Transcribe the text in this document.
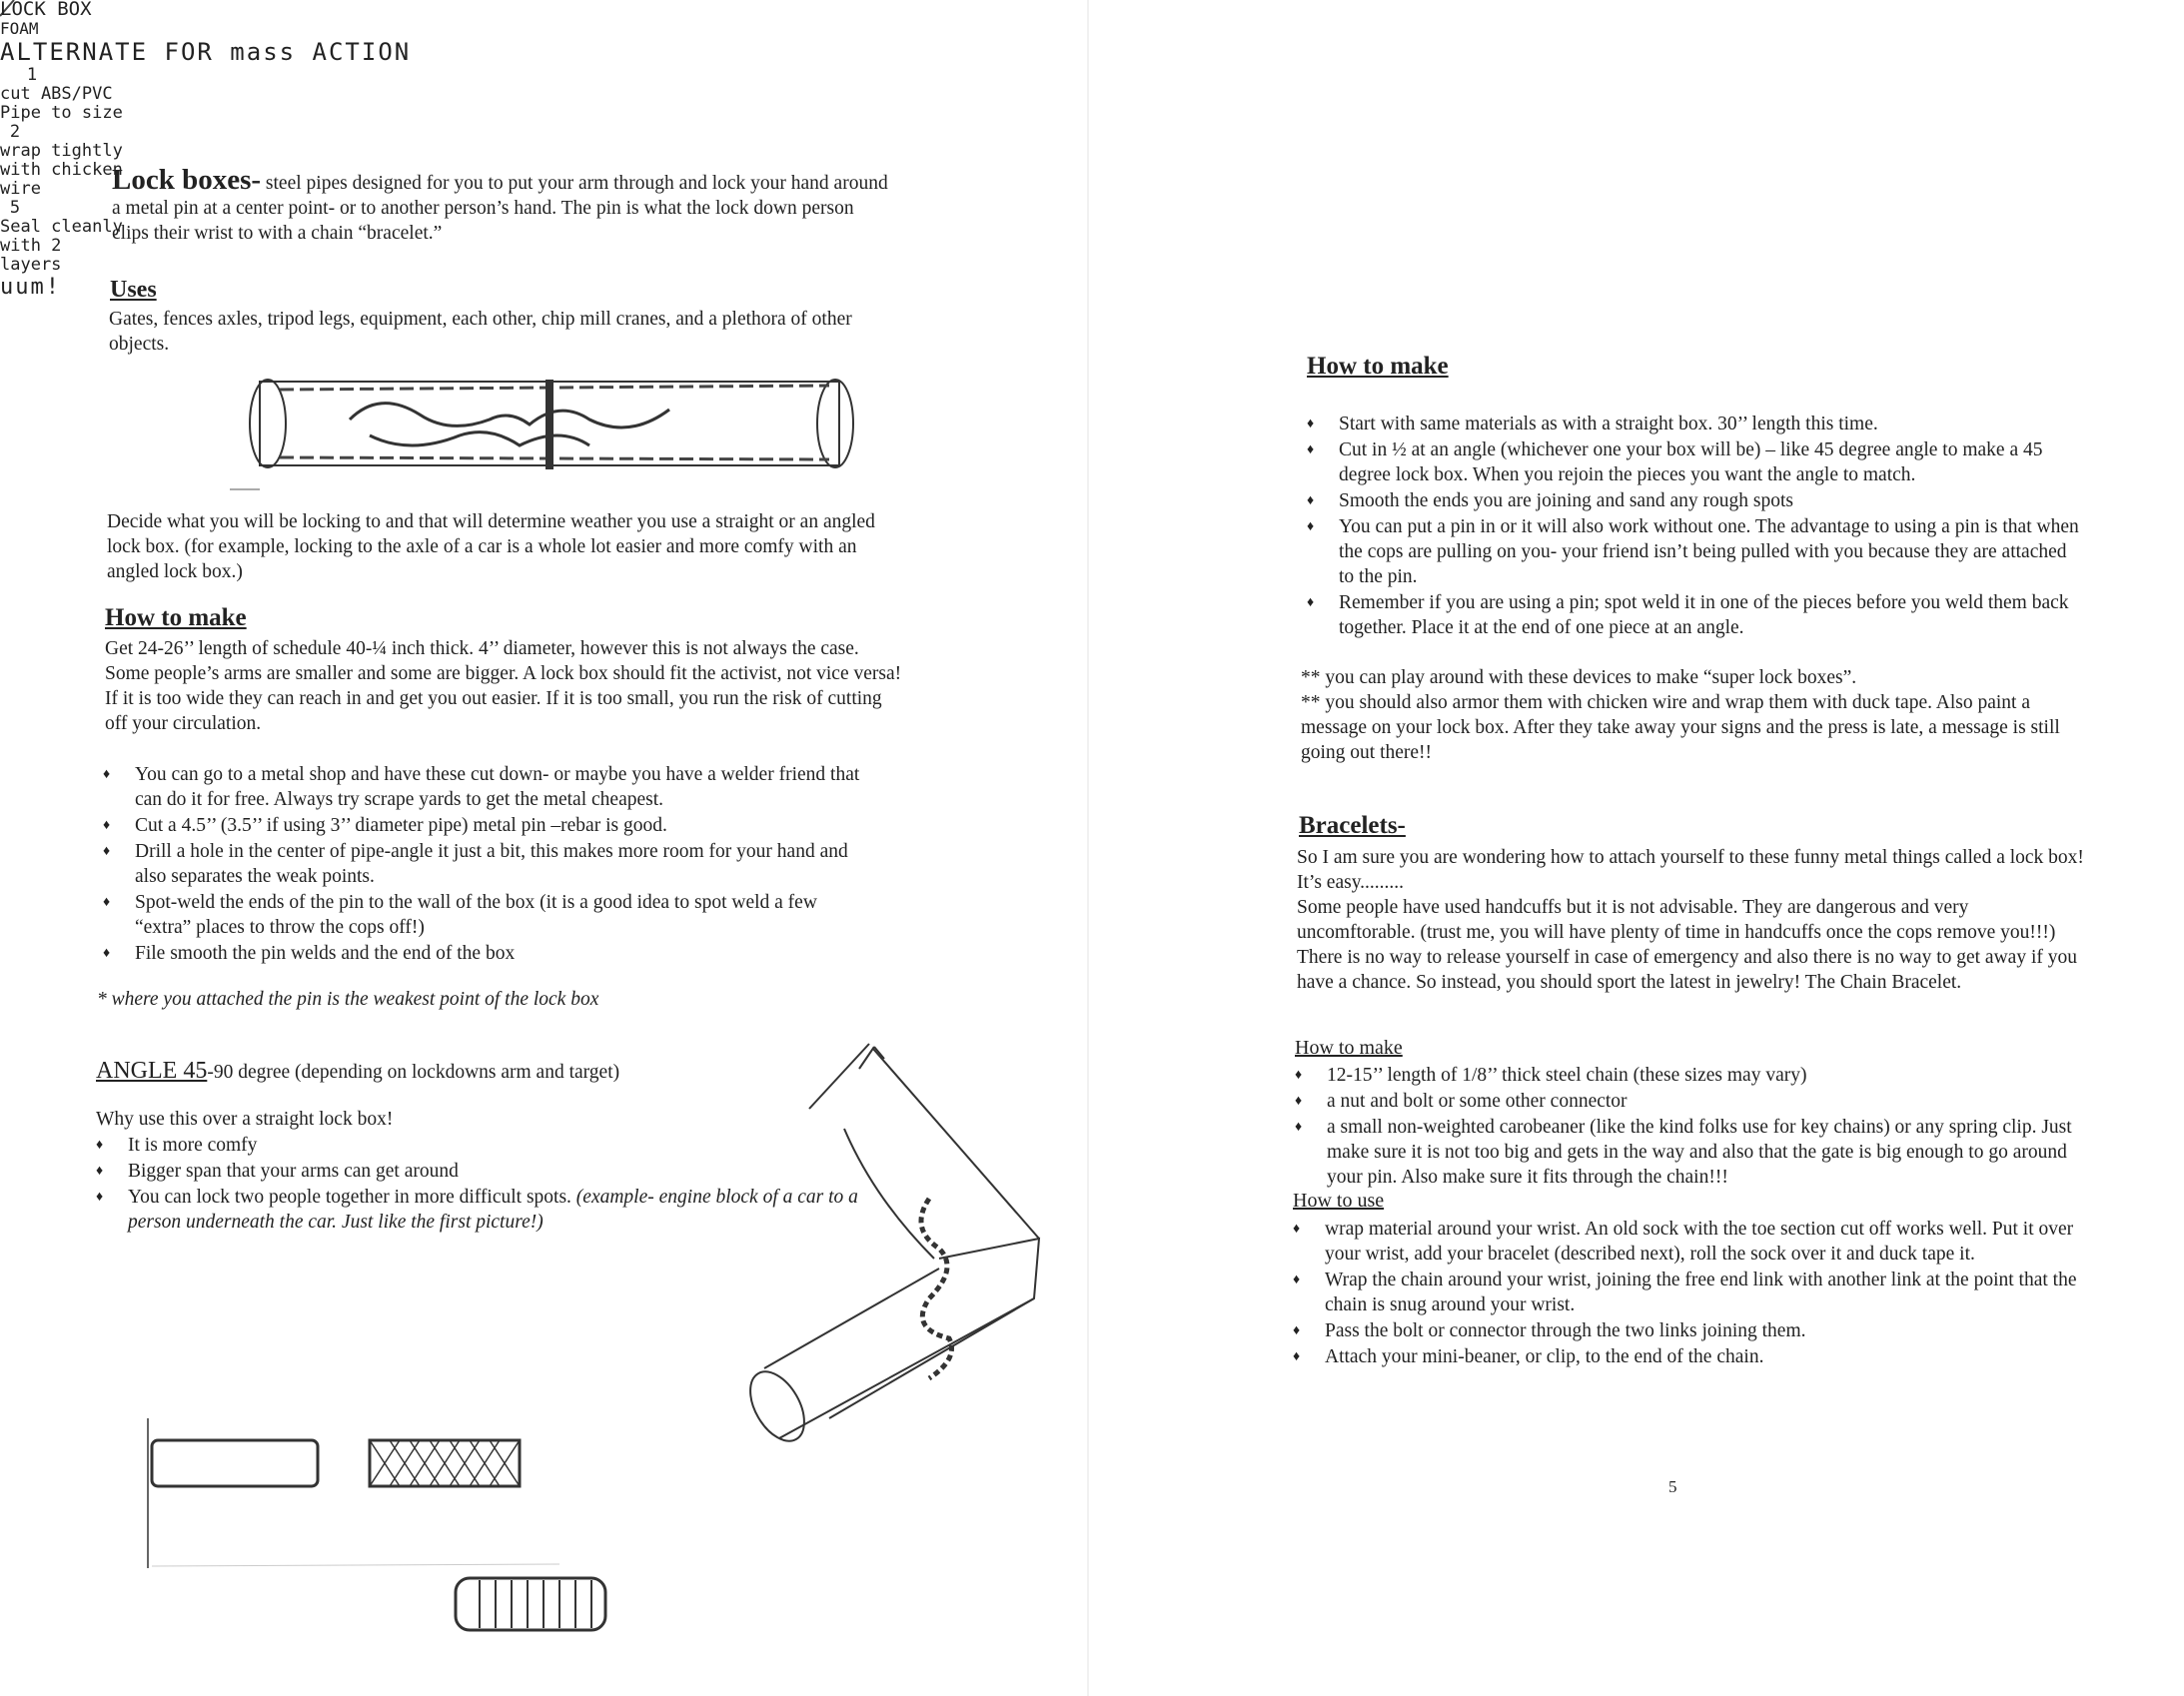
Lock boxes- steel pipes designed for you to put your arm through and lock your hand around a metal pin at a center point- or to another person’s hand. The pin is what the lock down person clips their wrist to with a chain “bracelet.”

Uses

Gates, fences axles, tripod legs, equipment, each other, chip mill cranes, and a plethora of other objects.

LOCK BOX
FOAM

Decide what you will be locking to and that will determine weather you use a straight or an angled lock box. (for example, locking to the axle of a car is a whole lot easier and more comfy with an angled lock box.)

How to make

Get 24-26’’ length of schedule 40-¼ inch thick. 4’’ diameter, however this is not always the case. Some people’s arms are smaller and some are bigger. A lock box should fit the activist, not vice versa! If it is too wide they can reach in and get you out easier. If it is too small, you run the risk of cutting off your circulation.

♦ You can go to a metal shop and have these cut down- or maybe you have a welder friend that can do it for free. Always try scrape yards to get the metal cheapest.
♦ Cut a 4.5’’ (3.5’’ if using 3’’ diameter pipe) metal pin –rebar is good.
♦ Drill a hole in the center of pipe-angle it just a bit, this makes more room for your hand and also separates the weak points.
♦ Spot-weld the ends of the pin to the wall of the box (it is a good idea to spot weld a few “extra” places to throw the cops off!)
♦ File smooth the pin welds and the end of the box

* where you attached the pin is the weakest point of the lock box

ANGLE 45-90 degree (depending on lockdowns arm and target)

Why use this over a straight lock box!

♦ It is more comfy
♦ Bigger span that your arms can get around
♦ You can lock two people together in more difficult spots. (example- engine block of a car to a person underneath the car. Just like the first picture!)
ALTERNATE FOR mass ACTION
1
cut ABS/PVC Pipe to size
2
wrap tightly with chicken wire
5
Seal cleanly with 2 layers
uum!
How to make
♦ Start with same materials as with a straight box. 30’’ length this time.
♦ Cut in ½ at an angle (whichever one your box will be) – like 45 degree angle to make a 45 degree lock box. When you rejoin the pieces you want the angle to match.
♦ Smooth the ends you are joining and sand any rough spots
♦ You can put a pin in or it will also work without one. The advantage to using a pin is that when the cops are pulling on you- your friend isn’t being pulled with you because they are attached to the pin.
♦ Remember if you are using a pin; spot weld it in one of the pieces before you weld them back together. Place it at the end of one piece at an angle.

** you can play around with these devices to make “super lock boxes”.
** you should also armor them with chicken wire and wrap them with duck tape. Also paint a message on your lock box. After they take away your signs and the press is late, a message is still going out there!!

Bracelets-

So I am sure you are wondering how to attach yourself to these funny metal things called a lock box! It’s easy.........
Some people have used handcuffs but it is not advisable. They are dangerous and very uncomftorable. (trust me, you will have plenty of time in handcuffs once the cops remove you!!!) There is no way to release yourself in case of emergency and also there is no way to get away if you have a chance. So instead, you should sport the latest in jewelry! The Chain Bracelet.

How to make
♦ 12-15’’ length of 1/8’’ thick steel chain (these sizes may vary)
♦ a nut and bolt or some other connector
♦ a small non-weighted carobeaner (like the kind folks use for key chains) or any spring clip. Just make sure it is not too big and gets in the way and also that the gate is big enough to go around your pin. Also make sure it fits through the chain!!!
How to use
♦ wrap material around your wrist. An old sock with the toe section cut off works well. Put it over your wrist, add your bracelet (described next), roll the sock over it and duck tape it.
♦ Wrap the chain around your wrist, joining the free end link with another link at the point that the chain is snug around your wrist.
♦ Pass the bolt or connector through the two links joining them.
♦ Attach your mini-beaner, or clip, to the end of the chain.
5
